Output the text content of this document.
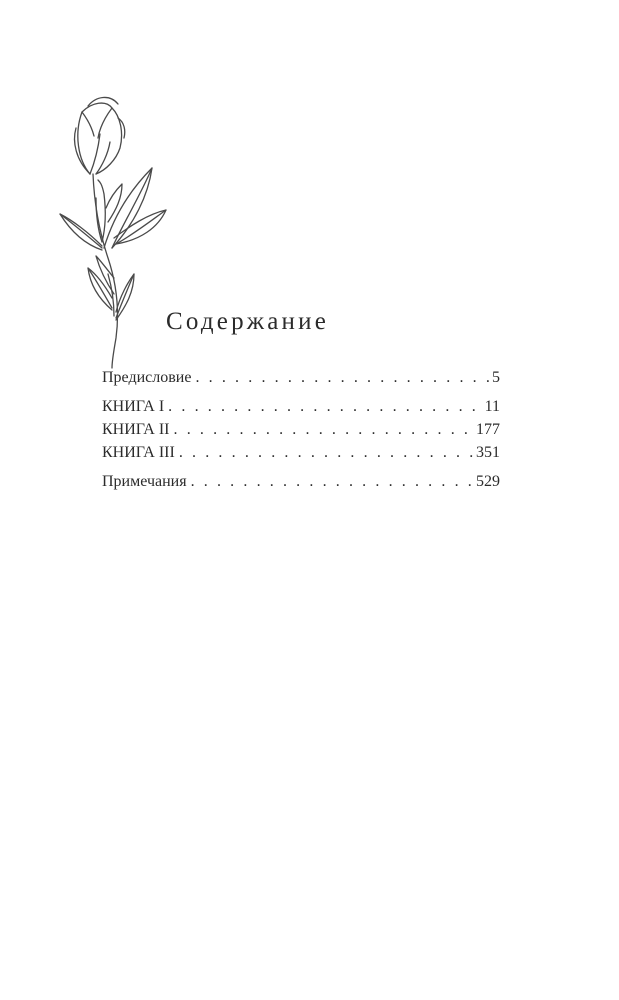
Содержание
Предисловие . . .	5
КНИГА I . . .	11
КНИГА II . . .	177
КНИГА III . . .	351
Примечания . . .	529
